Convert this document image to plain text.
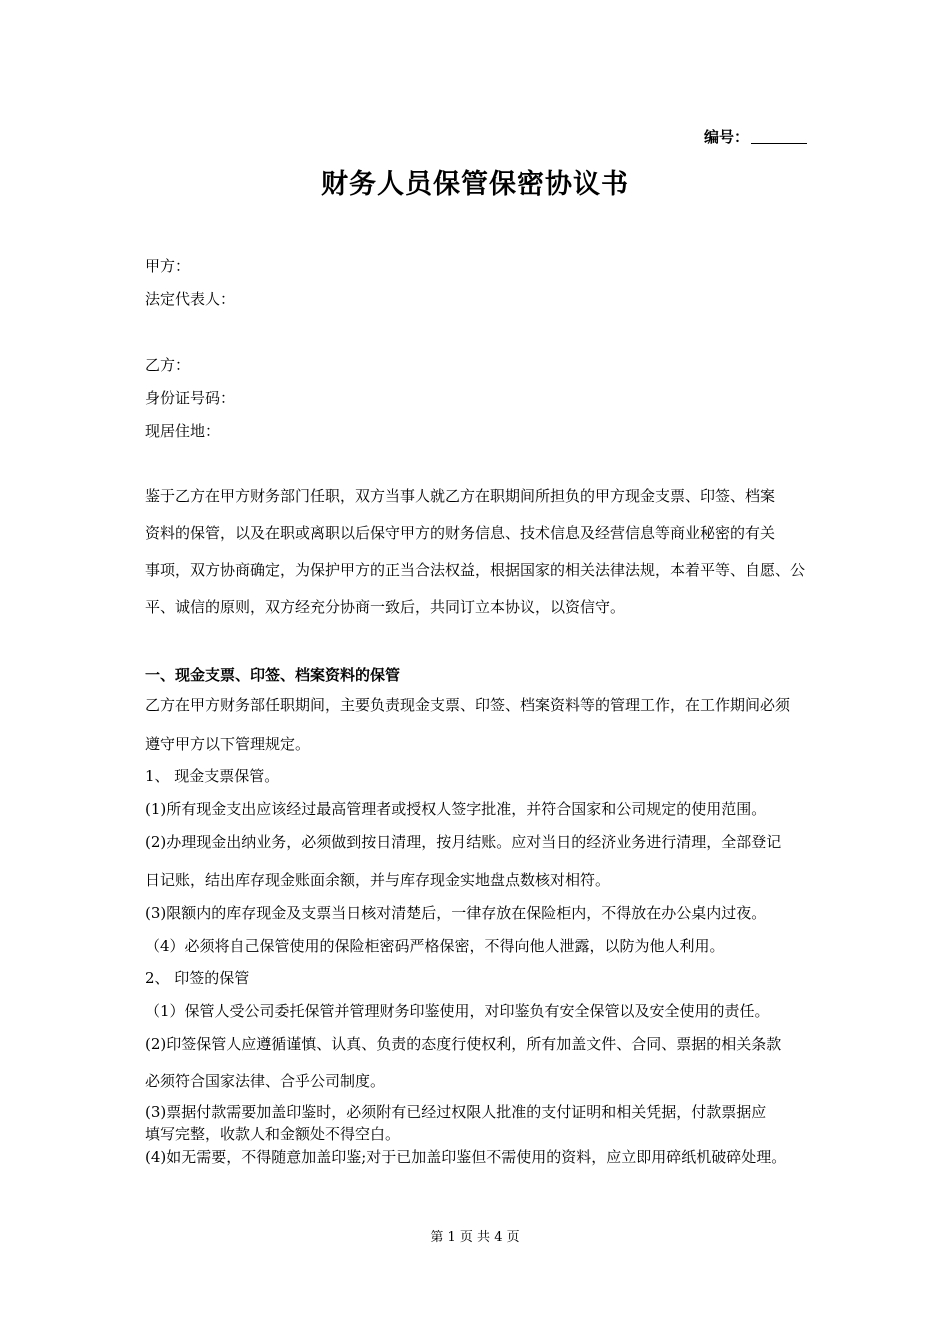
编号：
财务人员保管保密协议书
甲方：
法定代表人：
乙方：
身份证号码：
现居住地：
鉴于乙方在甲方财务部门任职，双方当事人就乙方在职期间所担负的甲方现金支票、印签、档案
资料的保管，以及在职或离职以后保守甲方的财务信息、技术信息及经营信息等商业秘密的有关
事项，双方协商确定，为保护甲方的正当合法权益，根据国家的相关法律法规，本着平等、自愿、公
平、诚信的原则，双方经充分协商一致后，共同订立本协议，以资信守。
一、现金支票、印签、档案资料的保管
乙方在甲方财务部任职期间，主要负责现金支票、印签、档案资料等的管理工作，在工作期间必须
遵守甲方以下管理规定。
1、 现金支票保管。
(1)所有现金支出应该经过最高管理者或授权人签字批准，并符合国家和公司规定的使用范围。
(2)办理现金出纳业务，必须做到按日清理，按月结账。应对当日的经济业务进行清理，全部登记
日记账，结出库存现金账面余额，并与库存现金实地盘点数核对相符。
(3)限额内的库存现金及支票当日核对清楚后，一律存放在保险柜内，不得放在办公桌内过夜。
（4）必须将自己保管使用的保险柜密码严格保密，不得向他人泄露，以防为他人利用。
2、 印签的保管
（1）保管人受公司委托保管并管理财务印鉴使用，对印鉴负有安全保管以及安全使用的责任。
(2)印签保管人应遵循谨慎、认真、负责的态度行使权利，所有加盖文件、合同、票据的相关条款
必须符合国家法律、合乎公司制度。
(3)票据付款需要加盖印鉴时，必须附有已经过权限人批准的支付证明和相关凭据，付款票据应
填写完整，收款人和金额处不得空白。
(4)如无需要，不得随意加盖印鉴;对于已加盖印鉴但不需使用的资料，应立即用碎纸机破碎处理。
第 1 页 共 4 页
